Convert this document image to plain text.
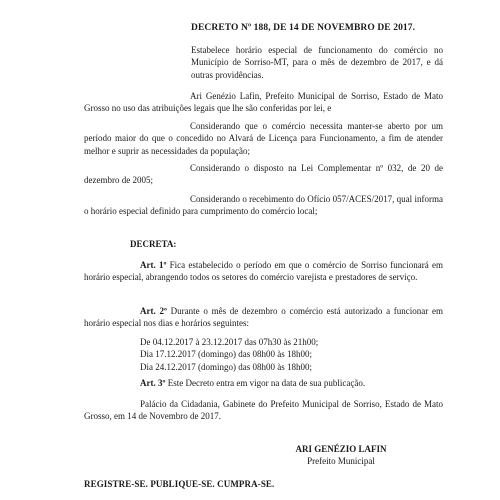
DECRETO Nº 188, DE 14 DE NOVEMBRO DE 2017.
Estabelece horário especial de funcionamento do comércio no Município de Sorriso-MT, para o mês de dezembro de 2017, e dá outras providências.
Ari Genézio Lafin, Prefeito Municipal de Sorriso, Estado de Mato Grosso no uso das atribuições legais que lhe são conferidas por lei, e
Considerando que o comércio necessita manter-se aberto por um período maior do que o concedido no Alvará de Licença para Funcionamento, a fim de atender melhor e suprir as necessidades da população;
Considerando o disposto na Lei Complementar nº 032, de 20 de dezembro de 2005;
Considerando o recebimento do Ofício 057/ACES/2017, qual informa o horário especial definido para cumprimento do comércio local;
DECRETA:
Art. 1º Fica estabelecido o período em que o comércio de Sorriso funcionará em horário especial, abrangendo todos os setores do comércio varejista e prestadores de serviço.
Art. 2º Durante o mês de dezembro o comércio está autorizado a funcionar em horário especial nos dias e horários seguintes:
De 04.12.2017 à 23.12.2017 das 07h30 às 21h00;
Dia 17.12.2017 (domingo) das 08h00 às 18h00;
Dia 24.12.2017 (domingo) das 08h00 às 18h00;
Art. 3º Este Decreto entra em vigor na data de sua publicação.
Palácio da Cidadania, Gabinete do Prefeito Municipal de Sorriso, Estado de Mato Grosso, em 14 de Novembro de 2017.
ARI GENÉZIO LAFIN
Prefeito Municipal
REGISTRE-SE. PUBLIQUE-SE. CUMPRA-SE.
